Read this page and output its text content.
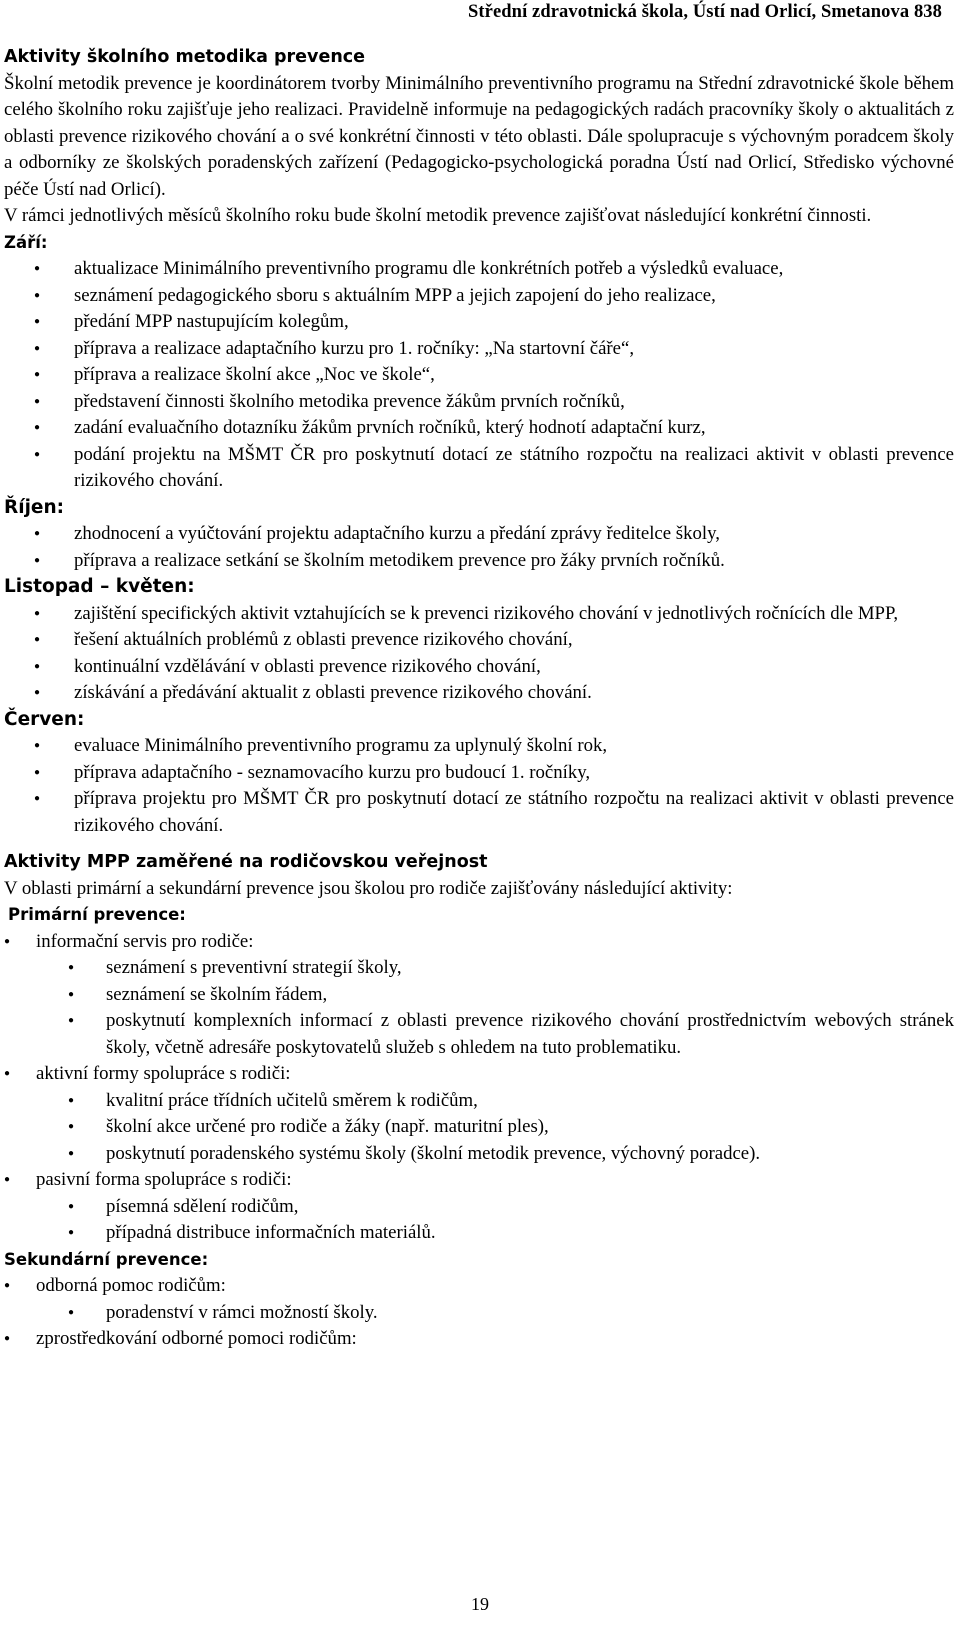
Střední zdravotnická škola, Ústí nad Orlicí, Smetanova 838
Aktivity školního metodika prevence
Školní metodik prevence je koordinátorem tvorby Minimálního preventivního programu na Střední zdravotnické škole během celého školního roku zajišťuje jeho realizaci. Pravidelně informuje na pedagogických radách pracovníky školy o aktualitách z oblasti prevence rizikového chování a o své konkrétní činnosti v této oblasti. Dále spolupracuje s výchovným poradcem školy a odborníky ze školských poradenských zařízení (Pedagogicko-psychologická poradna Ústí nad Orlicí, Středisko výchovné péče Ústí nad Orlicí).
V rámci jednotlivých měsíců školního roku bude školní metodik prevence zajišťovat následující konkrétní činnosti.
Září:
● aktualizace Minimálního preventivního programu dle konkrétních potřeb a výsledků evaluace,
● seznámení pedagogického sboru s aktuálním MPP a jejich zapojení do jeho realizace,
● předání MPP nastupujícím kolegům,
● příprava a realizace adaptačního kurzu pro 1. ročníky: „Na startovní čáře“,
● příprava a realizace školní akce „Noc ve škole“,
● představení činnosti školního metodika prevence žákům prvních ročníků,
● zadání evaluačního dotazníku žákům prvních ročníků, který hodnotí adaptační kurz,
● podání projektu na MŠMT ČR pro poskytnutí dotací ze státního rozpočtu na realizaci aktivit v oblasti prevence rizikového chování.
Říjen:
● zhodnocení a vyúčtování projektu adaptačního kurzu a předání zprávy ředitelce školy,
● příprava a realizace setkání se školním metodikem prevence pro žáky prvních ročníků.
Listopad – květen:
● zajištění specifických aktivit vztahujících se k prevenci rizikového chování v jednotlivých ročnících dle MPP,
● řešení aktuálních problémů z oblasti prevence rizikového chování,
● kontinuální vzdělávání v oblasti prevence rizikového chování,
● získávání a předávání aktualit z oblasti prevence rizikového chování.
Červen:
● evaluace Minimálního preventivního programu za uplynulý školní rok,
● příprava adaptačního - seznamovacího kurzu pro budoucí 1. ročníky,
● příprava projektu pro MŠMT ČR pro poskytnutí dotací ze státního rozpočtu na realizaci aktivit v oblasti prevence rizikového chování.
Aktivity MPP zaměřené na rodičovskou veřejnost
V oblasti primární a sekundární prevence jsou školou pro rodiče zajišťovány následující aktivity:
Primární prevence:
● informační servis pro rodiče:
● seznámení s preventivní strategií školy,
● seznámení se školním řádem,
● poskytnutí komplexních informací z oblasti prevence rizikového chování prostřednictvím webových stránek školy, včetně adresáře poskytovatelů služeb s ohledem na tuto problematiku.
● aktivní formy spolupráce s rodiči:
● kvalitní práce třídních učitelů směrem k rodičům,
● školní akce určené pro rodiče a žáky (např. maturitní ples),
● poskytnutí poradenského systému školy (školní metodik prevence, výchovný poradce).
● pasivní forma spolupráce s rodiči:
● písemná sdělení rodičům,
● případná distribuce informačních materiálů.
Sekundární prevence:
● odborná pomoc rodičům:
● poradenství v rámci možností školy.
● zprostředkování odborné pomoci rodičům:
19
